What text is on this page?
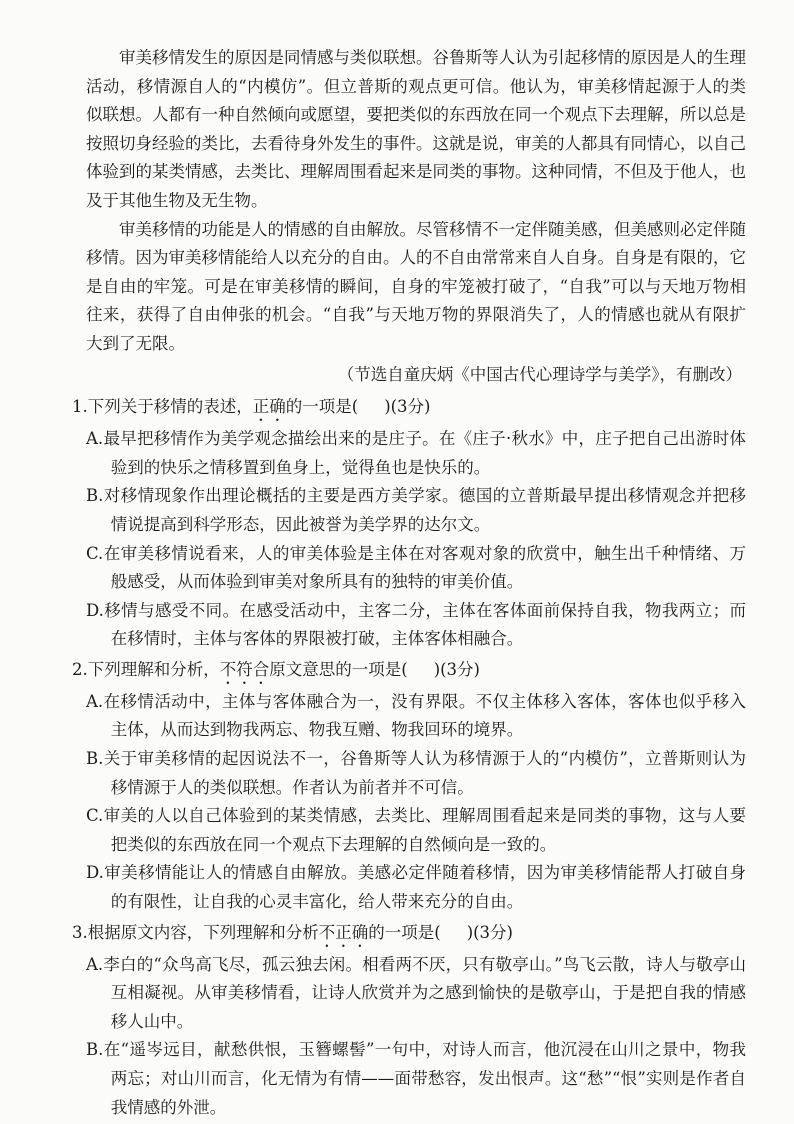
审美移情发生的原因是同情感与类似联想。谷鲁斯等人认为引起移情的原因是人的生理活动，移情源自人的“内模仿”。但立普斯的观点更可信。他认为，审美移情起源于人的类似联想。人都有一种自然倾向或愿望，要把类似的东西放在同一个观点下去理解，所以总是按照切身经验的类比，去看待身外发生的事件。这就是说，审美的人都具有同情心，以自己体验到的某类情感，去类比、理解周围看起来是同类的事物。这种同情，不但及于他人，也及于其他生物及无生物。

审美移情的功能是人的情感的自由解放。尽管移情不一定伴随美感，但美感则必定伴随移情。因为审美移情能给人以充分的自由。人的不自由常常来自人自身。自身是有限的，它是自由的牢笼。可是在审美移情的瞬间，自身的牢笼被打破了，“自我”可以与天地万物相往来，获得了自由伸张的机会。“自我”与天地万物的界限消失了，人的情感也就从有限扩大到了无限。

（节选自童庆炳《中国古代心理诗学与美学》，有删改）

1.下列关于移情的表述，正确的一项是( )(3分)

A.最早把移情作为美学观念描绘出来的是庄子。在《庄子·秋水》中，庄子把自己出游时体验到的快乐之情移置到鱼身上，觉得鱼也是快乐的。

B.对移情现象作出理论概括的主要是西方美学家。德国的立普斯最早提出移情观念并把移情说提高到科学形态，因此被誉为美学界的达尔文。

C.在审美移情说看来，人的审美体验是主体在对客观对象的欣赏中，触生出千种情绪、万般感受，从而体验到审美对象所具有的独特的审美价值。

D.移情与感受不同。在感受活动中，主客二分，主体在客体面前保持自我，物我两立；而在移情时，主体与客体的界限被打破，主体客体相融合。

2.下列理解和分析，不符合原文意思的一项是( )(3分)

A.在移情活动中，主体与客体融合为一，没有界限。不仅主体移入客体，客体也似乎移入主体，从而达到物我两忘、物我互赠、物我回环的境界。

B.关于审美移情的起因说法不一，谷鲁斯等人认为移情源于人的“内模仿”，立普斯则认为移情源于人的类似联想。作者认为前者并不可信。

C.审美的人以自己体验到的某类情感，去类比、理解周围看起来是同类的事物，这与人要把类似的东西放在同一个观点下去理解的自然倾向是一致的。

D.审美移情能让人的情感自由解放。美感必定伴随着移情，因为审美移情能帮人打破自身的有限性，让自我的心灵丰富化，给人带来充分的自由。

3.根据原文内容，下列理解和分析不正确的一项是( )(3分)

A.李白的“众鸟高飞尽，孤云独去闲。相看两不厌，只有敬亭山。”鸟飞云散，诗人与敬亭山互相凝视。从审美移情看，让诗人欣赏并为之感到愉快的是敬亭山，于是把自我的情感移人山中。

B.在“遥岑远目，献愁供恨，玉簪螺髻”一句中，对诗人而言，他沉浸在山川之景中，物我两忘；对山川而言，化无情为有情——面带愁容，发出恨声。这“愁”“恨”实则是作者自我情感的外泄。
